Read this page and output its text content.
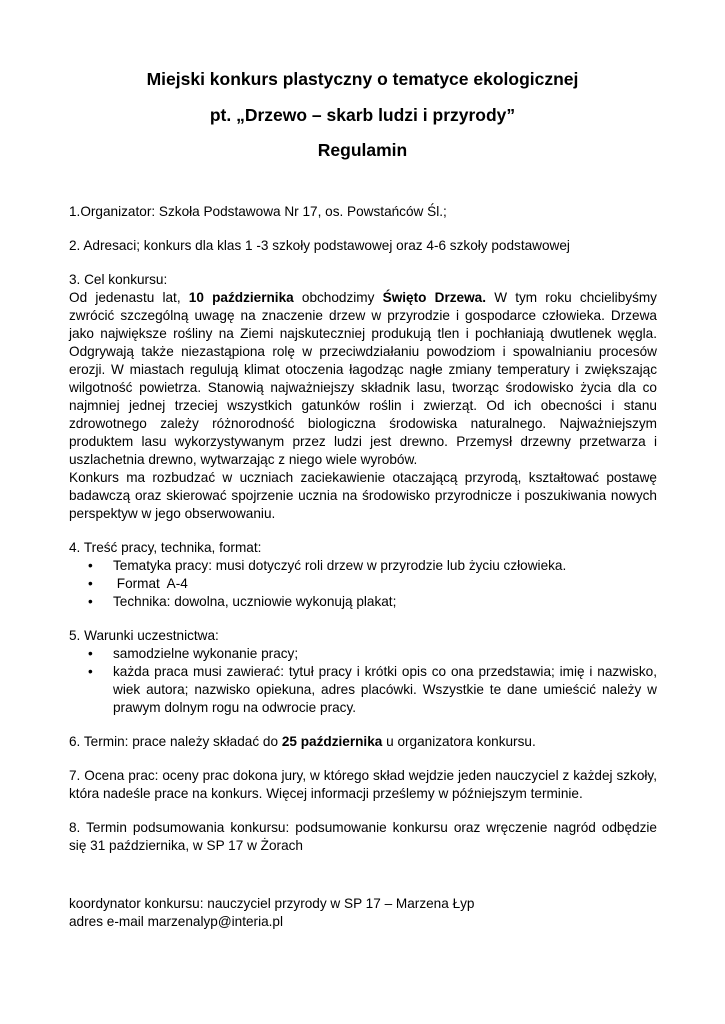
Miejski konkurs plastyczny o tematyce ekologicznej
pt. „Drzewo – skarb ludzi i przyrody”
Regulamin

1.Organizator: Szkoła Podstawowa Nr 17, os. Powstańców Śl.;

2. Adresaci; konkurs dla klas 1 -3 szkoły podstawowej oraz 4-6 szkoły podstawowej

3. Cel konkursu:

Od jedenastu lat, 10 października obchodzimy Święto Drzewa. W tym roku chcielibyśmy zwrócić szczególną uwagę na znaczenie drzew w przyrodzie i gospodarce człowieka. Drzewa jako największe rośliny na Ziemi najskuteczniej produkują tlen i pochłaniają dwutlenek węgla. Odgrywają także niezastąpiona rolę w przeciwdziałaniu powodziom i spowalnianiu procesów erozji. W miastach regulują klimat otoczenia łagodząc nagłe zmiany temperatury i zwiększając wilgotność powietrza. Stanowią najważniejszy składnik lasu, tworząc środowisko życia dla co najmniej jednej trzeciej wszystkich gatunków roślin i zwierząt. Od ich obecności i stanu zdrowotnego zależy różnorodność biologiczna środowiska naturalnego. Najważniejszym produktem lasu wykorzystywanym przez ludzi jest drewno. Przemysł drzewny przetwarza i uszlachetnia drewno, wytwarzając z niego wiele wyrobów.

Konkurs ma rozbudzać w uczniach zaciekawienie otaczającą przyrodą, kształtować postawę badawczą oraz skierować spojrzenie ucznia na środowisko przyrodnicze i poszukiwania nowych perspektyw w jego obserwowaniu.

4. Treść pracy, technika, format:

• Tematyka pracy: musi dotyczyć roli drzew w przyrodzie lub życiu człowieka.
• Format  A-4
• Technika: dowolna, uczniowie wykonują plakat;

5. Warunki uczestnictwa:

• samodzielne wykonanie pracy;
• każda praca musi zawierać: tytuł pracy i krótki opis co ona przedstawia; imię i nazwisko, wiek autora; nazwisko opiekuna, adres placówki. Wszystkie te dane umieścić należy w prawym dolnym rogu na odwrocie pracy.

6. Termin: prace należy składać do 25 października u organizatora konkursu.

7. Ocena prac: oceny prac dokona jury, w którego skład wejdzie jeden nauczyciel z każdej szkoły, która nadeśle prace na konkurs. Więcej informacji prześlemy w późniejszym terminie.

8. Termin podsumowania konkursu: podsumowanie konkursu oraz wręczenie nagród odbędzie się 31 października, w SP 17 w Żorach

koordynator konkursu: nauczyciel przyrody w SP 17 – Marzena Łyp

adres e-mail marzenalyp@interia.pl
